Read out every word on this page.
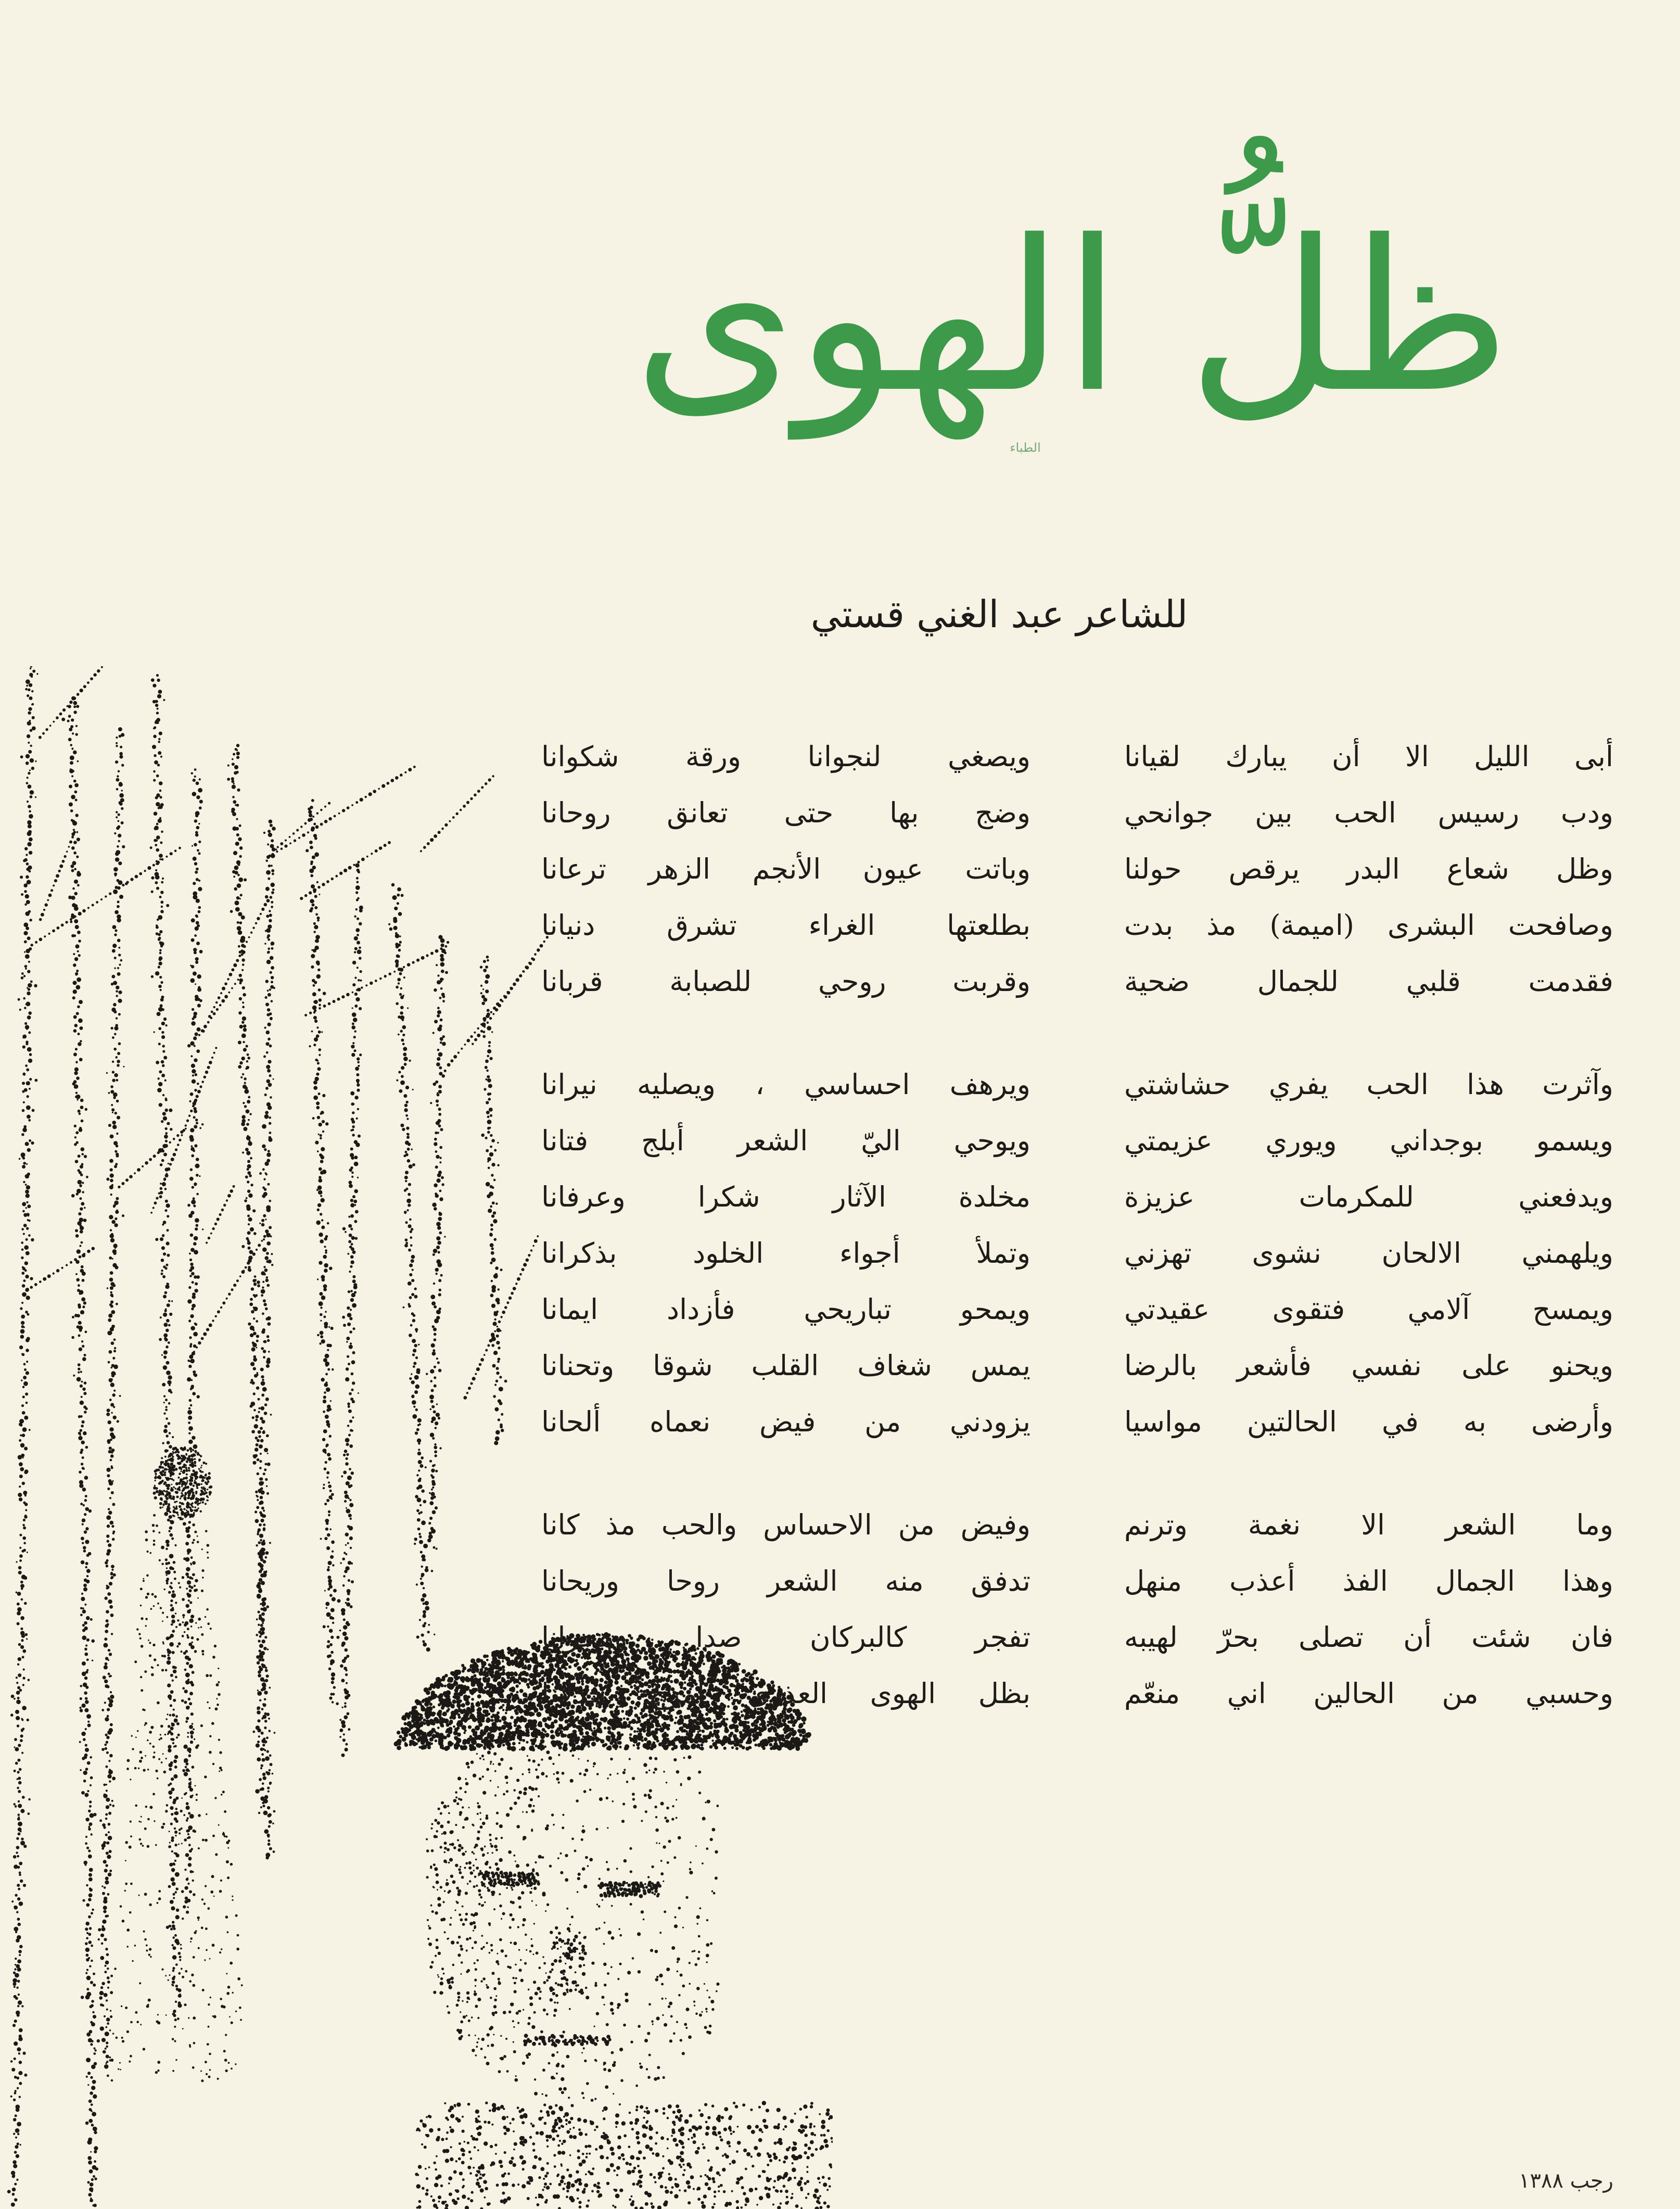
ظلُّ الهوى
الطباء
للشاعر عبد الغني قستي
أبى الليل الا أن يبارك لقيانا
ويصغي لنجوانا ورقة شكوانا
ودب رسيس الحب بين جوانحي
وضج بها حتى تعانق روحانا
وظل شعاع البدر يرقص حولنا
وباتت عيون الأنجم الزهر ترعانا
وصافحت البشرى (اميمة) مذ بدت
بطلعتها الغراء تشرق دنيانا
فقدمت قلبي للجمال ضحية
وقربت روحي للصبابة قربانا
وآثرت هذا الحب يفري حشاشتي
ويرهف احساسي ، ويصليه نيرانا
ويسمو بوجداني ويوري عزيمتي
ويوحي اليّ الشعر أبلج فتانا
ويدفعني للمكرمات عزيزة
مخلدة الآثار شكرا وعرفانا
ويلهمني الالحان نشوى تهزني
وتملأ أجواء الخلود بذكرانا
ويمسح آلامي فتقوى عقيدتي
ويمحو تباريحي فأزداد ايمانا
ويحنو على نفسي فأشعر بالرضا
يمس شغاف القلب شوقا وتحنانا
وأرضى به في الحالتين مواسيا
يزودني من فيض نعماه ألحانا
وما الشعر الا نغمة وترنم
وفيض من الاحساس والحب مذ كانا
وهذا الجمال الفذ أعذب منهل
تدفق منه الشعر روحا وريحانا
فان شئت أن تصلى بحرّ لهيبه
تفجر كالبركان صدا وهجرانا
وحسبي من الحالين اني منعّم
بظل الهوى العذري أمرح جذلانا
رجب ١٣٨٨
